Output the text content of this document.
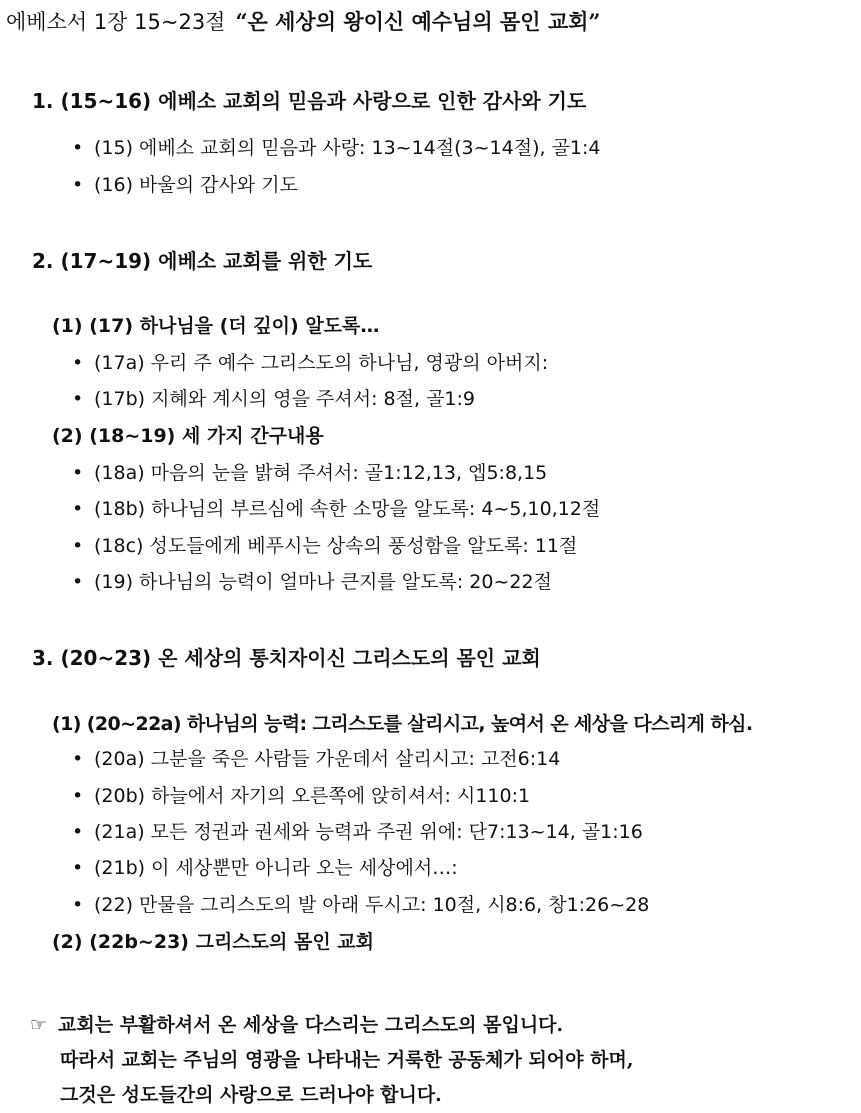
에베소서 1장 15~23절 “온 세상의 왕이신 예수님의 몸인 교회”
1. (15~16) 에베소 교회의 믿음과 사랑으로 인한 감사와 기도
• (15) 에베소 교회의 믿음과 사랑: 13~14절(3~14절), 골1:4
• (16) 바울의 감사와 기도
2. (17~19) 에베소 교회를 위한 기도
(1) (17) 하나님을 (더 깊이) 알도록…
• (17a) 우리 주 예수 그리스도의 하나님, 영광의 아버지:
• (17b) 지혜와 계시의 영을 주셔서: 8절, 골1:9
(2) (18~19) 세 가지 간구내용
• (18a) 마음의 눈을 밝혀 주셔서: 골1:12,13, 엡5:8,15
• (18b) 하나님의 부르심에 속한 소망을 알도록: 4~5,10,12절
• (18c) 성도들에게 베푸시는 상속의 풍성함을 알도록: 11절
• (19) 하나님의 능력이 얼마나 큰지를 알도록: 20~22절
3. (20~23) 온 세상의 통치자이신 그리스도의 몸인 교회
(1) (20~22a) 하나님의 능력: 그리스도를 살리시고, 높여서 온 세상을 다스리게 하심.
• (20a) 그분을 죽은 사람들 가운데서 살리시고: 고전6:14
• (20b) 하늘에서 자기의 오른쪽에 앉히셔서: 시110:1
• (21a) 모든 정권과 권세와 능력과 주권 위에: 단7:13~14, 골1:16
• (21b) 이 세상뿐만 아니라 오는 세상에서…:
• (22) 만물을 그리스도의 발 아래 두시고: 10절, 시8:6, 창1:26~28
(2) (22b~23) 그리스도의 몸인 교회
☞ 교회는 부활하셔서 온 세상을 다스리는 그리스도의 몸입니다.
따라서 교회는 주님의 영광을 나타내는 거룩한 공동체가 되어야 하며,
그것은 성도들간의 사랑으로 드러나야 합니다.
